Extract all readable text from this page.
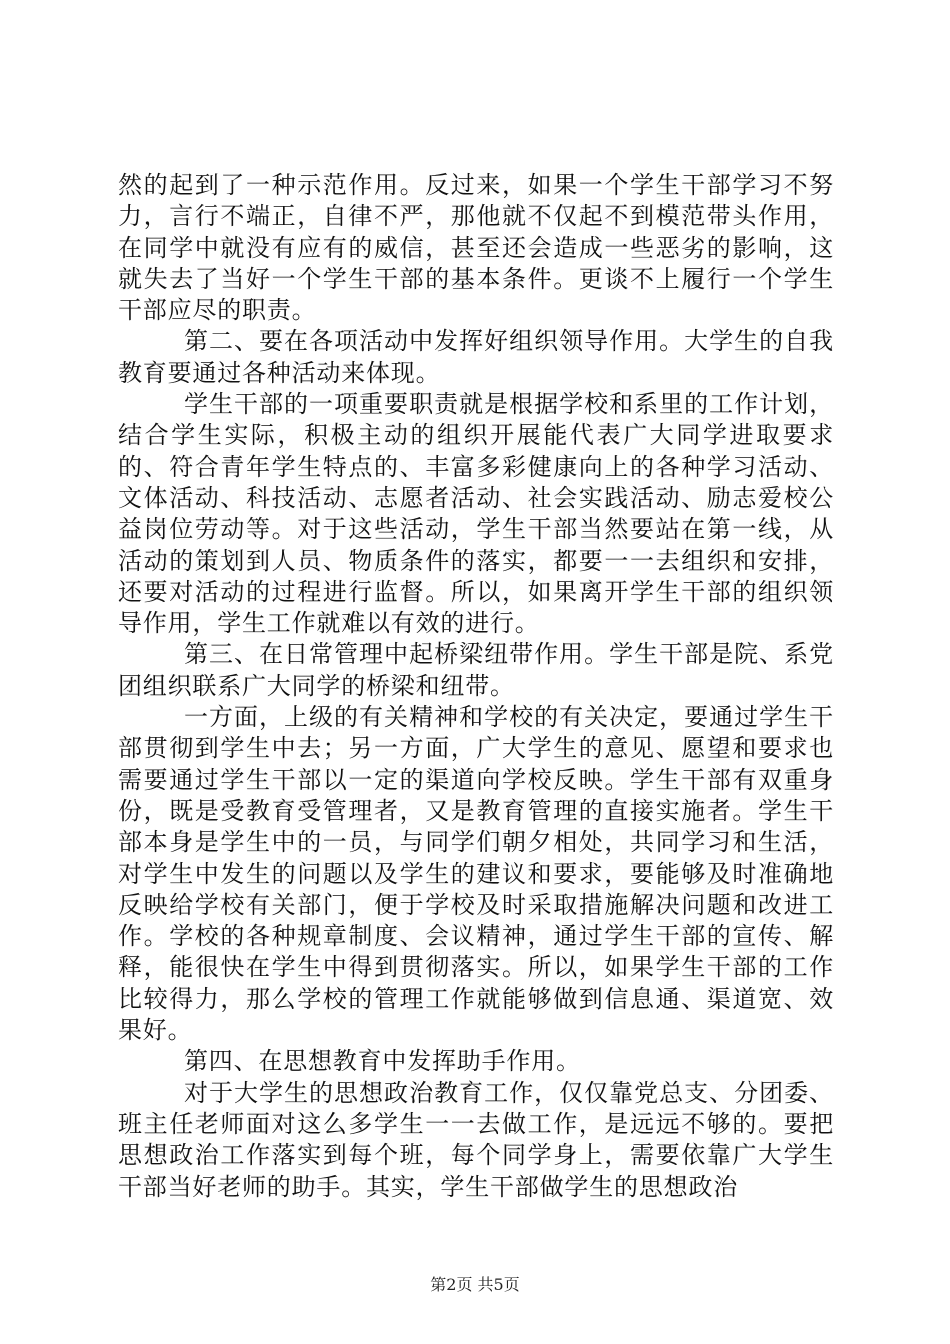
然的起到了一种示范作用。反过来，如果一个学生干部学习不努力，言行不端正，自律不严，那他就不仅起不到模范带头作用，在同学中就没有应有的威信，甚至还会造成一些恶劣的影响，这就失去了当好一个学生干部的基本条件。更谈不上履行一个学生干部应尽的职责。

第二、要在各项活动中发挥好组织领导作用。大学生的自我教育要通过各种活动来体现。

学生干部的一项重要职责就是根据学校和系里的工作计划，结合学生实际，积极主动的组织开展能代表广大同学进取要求的、符合青年学生特点的、丰富多彩健康向上的各种学习活动、文体活动、科技活动、志愿者活动、社会实践活动、励志爱校公益岗位劳动等。对于这些活动，学生干部当然要站在第一线，从活动的策划到人员、物质条件的落实，都要一一去组织和安排，还要对活动的过程进行监督。所以，如果离开学生干部的组织领导作用，学生工作就难以有效的进行。

第三、在日常管理中起桥梁纽带作用。学生干部是院、系党团组织联系广大同学的桥梁和纽带。

一方面，上级的有关精神和学校的有关决定，要通过学生干部贯彻到学生中去；另一方面，广大学生的意见、愿望和要求也需要通过学生干部以一定的渠道向学校反映。学生干部有双重身份，既是受教育受管理者，又是教育管理的直接实施者。学生干部本身是学生中的一员，与同学们朝夕相处，共同学习和生活，对学生中发生的问题以及学生的建议和要求，要能够及时准确地反映给学校有关部门，便于学校及时采取措施解决问题和改进工作。学校的各种规章制度、会议精神，通过学生干部的宣传、解释，能很快在学生中得到贯彻落实。所以，如果学生干部的工作比较得力，那么学校的管理工作就能够做到信息通、渠道宽、效果好。

第四、在思想教育中发挥助手作用。

对于大学生的思想政治教育工作，仅仅靠党总支、分团委、班主任老师面对这么多学生一一去做工作，是远远不够的。要把思想政治工作落实到每个班，每个同学身上，需要依靠广大学生干部当好老师的助手。其实，学生干部做学生的思想政治

第2页 共5页
